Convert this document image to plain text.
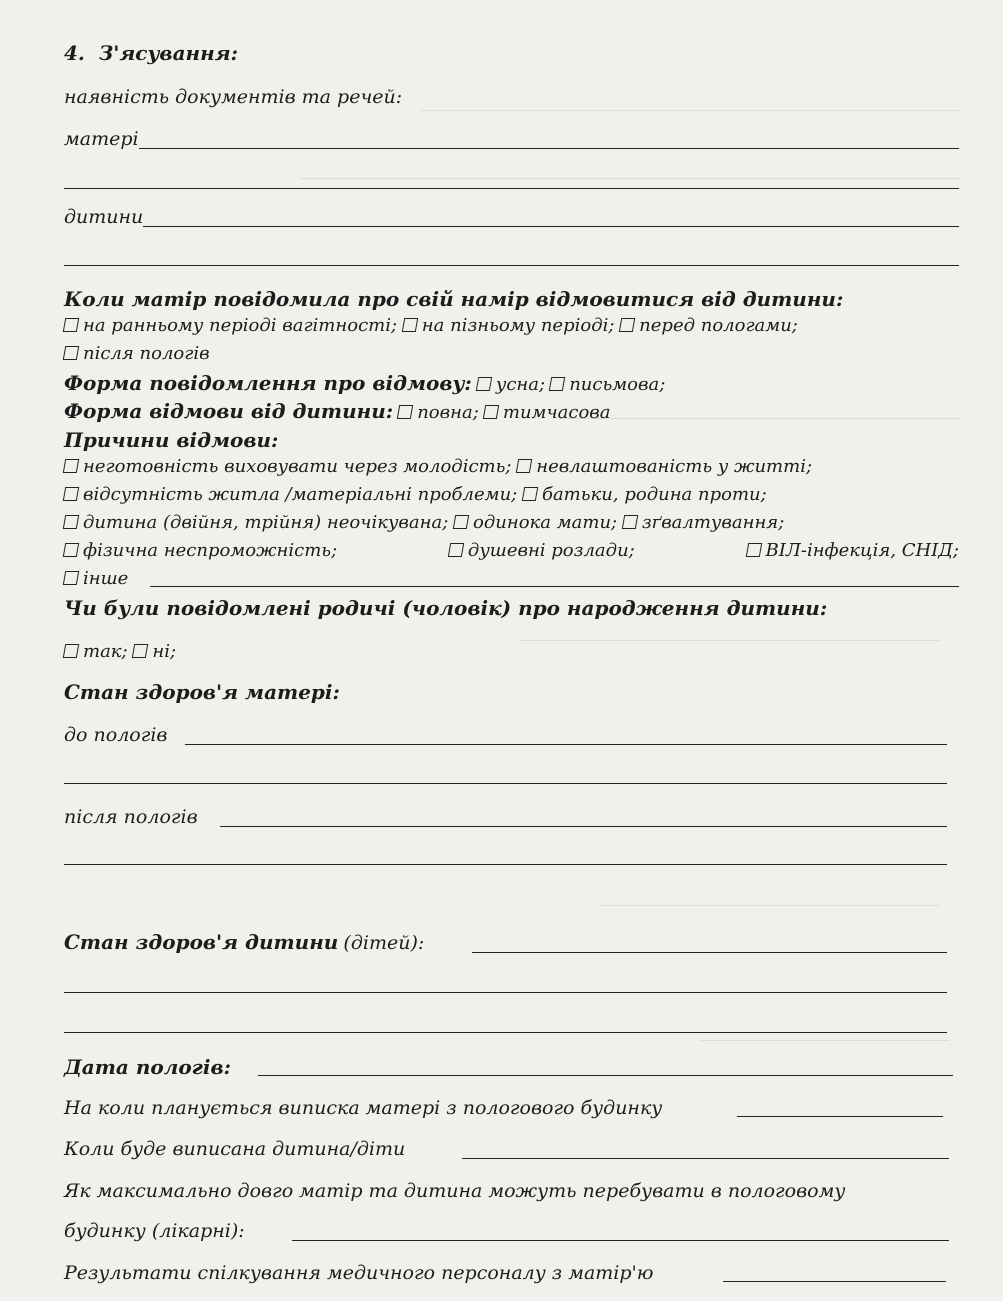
4. З'ясування:
наявність документів та речей:
матері
дитини
Коли матір повідомила про свій намір відмовитися від дитини:
на ранньому періоді вагітності; на пізньому періоді; перед пологами;
після пологів
Форма повідомлення про відмову: усна; письмова;
Форма відмови від дитини: повна; тимчасова
Причини відмови:
неготовність виховувати через молодість; невлаштованість у житті;
відсутність житла /матеріальні проблеми; батьки, родина проти;
дитина (двійня, трійня) неочікувана; одинока мати; зґвалтування;
фізична неспроможність;	душевні розлади;	ВІЛ-інфекція, СНІД;
інше
Чи були повідомлені родичі (чоловік) про народження дитини:
так; ні;
Стан здоров'я матері:
до пологів
після пологів
Стан здоров'я дитини (дітей):
Дата пологів:
На коли планується виписка матері з пологового будинку
Коли буде виписана дитина/діти
Як максимально довго матір та дитина можуть перебувати в пологовому
будинку (лікарні):
Результати спілкування медичного персоналу з матір'ю
